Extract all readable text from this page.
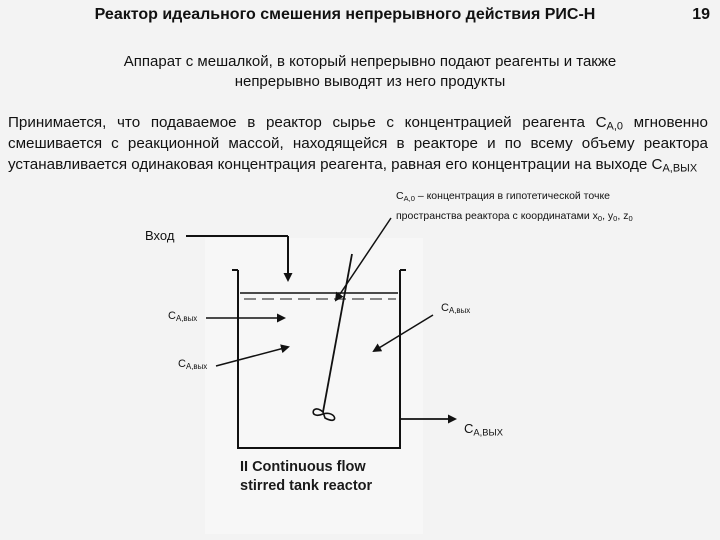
Реактор идеального смешения непрерывного действия РИС-Н	19
Аппарат с мешалкой, в который непрерывно подают реагенты и также
непрерывно выводят из него продукты
Принимается, что подаваемое в реактор сырье с концентрацией реагента $C_{A,0}$ мгновенно смешивается с реакционной массой, находящейся в реакторе и по всему объему реактора устанавливается одинаковая концентрация реагента, равная его концентрации на выходе $C_{A,ВЫХ}$
$C_{A,0}$ – концентрация в гипотетической точке
пространства реактора с координатами $x_0$, $y_0$, $z_0$
Вход
$C_{A,вых}$
$C_{A,вых}$
$C_{A,вых}$
$C_{A,ВЫХ}$
II Continuous flow
stirred tank reactor
